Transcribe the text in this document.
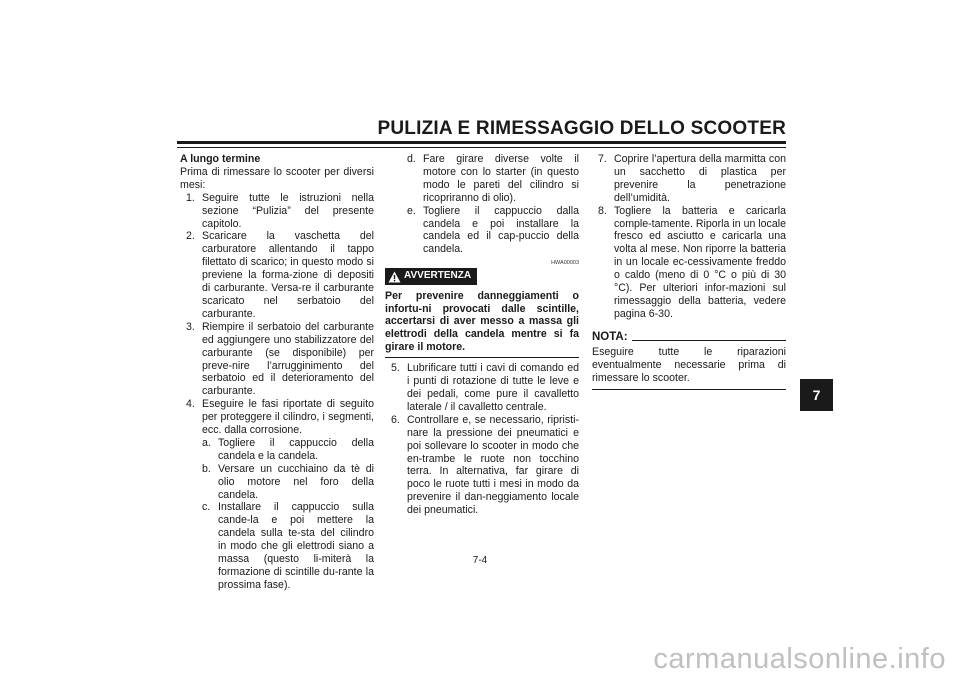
PULIZIA E RIMESSAGGIO DELLO SCOOTER
A lungo termine
Prima di rimessare lo scooter per diversi mesi:
1. Seguire tutte le istruzioni nella sezione “Pulizia” del presente capitolo.
2. Scaricare la vaschetta del carburatore allentando il tappo filettato di scarico; in questo modo si previene la forma-zione di depositi di carburante. Versa-re il carburante scaricato nel serbatoio del carburante.
3. Riempire il serbatoio del carburante ed aggiungere uno stabilizzatore del carburante (se disponibile) per preve-nire l’arrugginimento del serbatoio ed il deterioramento del carburante.
4. Eseguire le fasi riportate di seguito per proteggere il cilindro, i segmenti, ecc. dalla corrosione.
a. Togliere il cappuccio della candela e la candela.
b. Versare un cucchiaino da tè di olio motore nel foro della candela.
c. Installare il cappuccio sulla cande-la e poi mettere la candela sulla te-sta del cilindro in modo che gli elettrodi siano a massa (questo li-miterà la formazione di scintille du-rante la prossima fase).
d. Fare girare diverse volte il motore con lo starter (in questo modo le pareti del cilindro si ricopriranno di olio).
e. Togliere il cappuccio dalla candela e poi installare la candela ed il cap-puccio della candela.
HWA00003
AVVERTENZA
Per prevenire danneggiamenti o infortu-ni provocati dalle scintille, accertarsi di aver messo a massa gli elettrodi della candela mentre si fa girare il motore.
5. Lubrificare tutti i cavi di comando ed i punti di rotazione di tutte le leve e dei pedali, come pure il cavalletto laterale / il cavalletto centrale.
6. Controllare e, se necessario, ripristi-nare la pressione dei pneumatici e poi sollevare lo scooter in modo che en-trambe le ruote non tocchino terra. In alternativa, far girare di poco le ruote tutti i mesi in modo da prevenire il dan-neggiamento locale dei pneumatici.
7. Coprire l’apertura della marmitta con un sacchetto di plastica per prevenire la penetrazione dell’umidità.
8. Togliere la batteria e caricarla comple-tamente. Riporla in un locale fresco ed asciutto e caricarla una volta al mese. Non riporre la batteria in un locale ec-cessivamente freddo o caldo (meno di 0 °C o più di 30 °C). Per ulteriori infor-mazioni sul rimessaggio della batteria, vedere pagina 6-30.
NOTA:
Eseguire tutte le riparazioni eventualmente necessarie prima di rimessare lo scooter.
7-4
7
carmanualsonline.info
